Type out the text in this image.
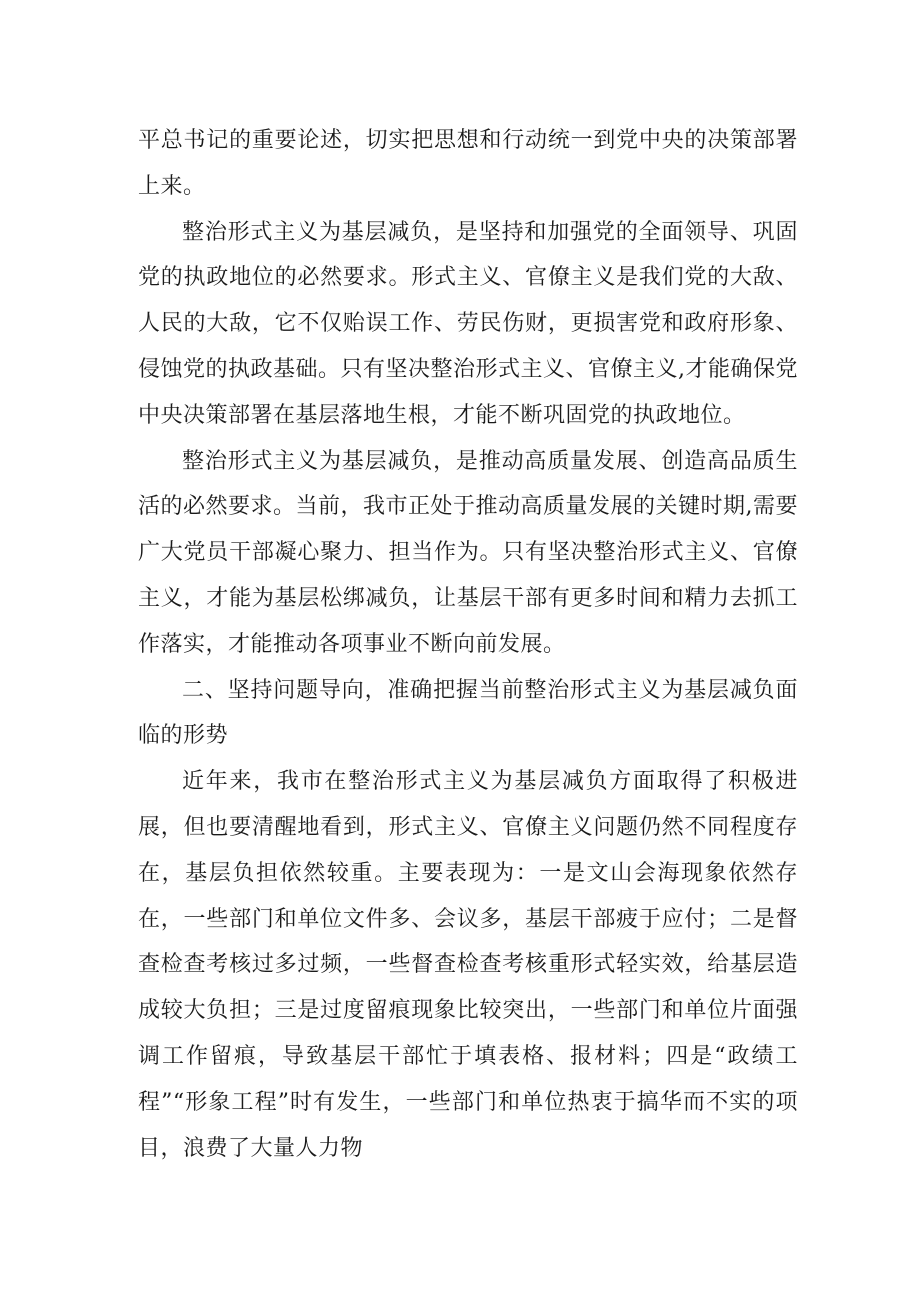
平总书记的重要论述，切实把思想和行动统一到党中央的决策部署上来。

整治形式主义为基层减负，是坚持和加强党的全面领导、巩固党的执政地位的必然要求。形式主义、官僚主义是我们党的大敌、人民的大敌，它不仅贻误工作、劳民伤财，更损害党和政府形象、侵蚀党的执政基础。只有坚决整治形式主义、官僚主义,才能确保党中央决策部署在基层落地生根，才能不断巩固党的执政地位。

整治形式主义为基层减负，是推动高质量发展、创造高品质生活的必然要求。当前，我市正处于推动高质量发展的关键时期,需要广大党员干部凝心聚力、担当作为。只有坚决整治形式主义、官僚主义，才能为基层松绑减负，让基层干部有更多时间和精力去抓工作落实，才能推动各项事业不断向前发展。

二、坚持问题导向，准确把握当前整治形式主义为基层减负面临的形势

近年来，我市在整治形式主义为基层减负方面取得了积极进展，但也要清醒地看到，形式主义、官僚主义问题仍然不同程度存在，基层负担依然较重。主要表现为：一是文山会海现象依然存在，一些部门和单位文件多、会议多，基层干部疲于应付；二是督查检查考核过多过频，一些督查检查考核重形式轻实效，给基层造成较大负担；三是过度留痕现象比较突出，一些部门和单位片面强调工作留痕，导致基层干部忙于填表格、报材料；四是“政绩工程”“形象工程”时有发生，一些部门和单位热衷于搞华而不实的项目，浪费了大量人力物
